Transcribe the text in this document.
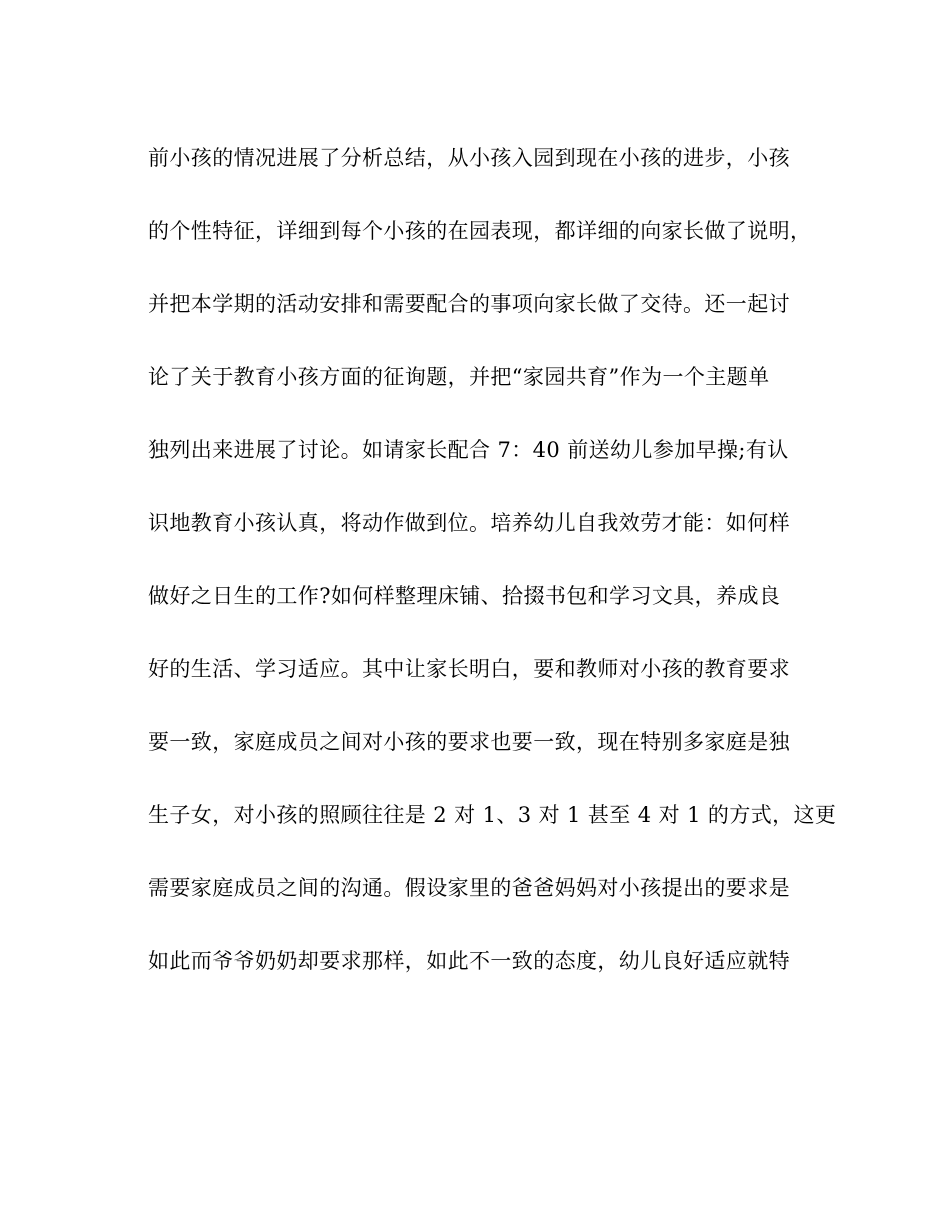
前小孩的情况进展了分析总结，从小孩入园到现在小孩的进步，小孩
的个性特征，详细到每个小孩的在园表现，都详细的向家长做了说明，
并把本学期的活动安排和需要配合的事项向家长做了交待。还一起讨
论了关于教育小孩方面的征询题，并把“家园共育”作为一个主题单
独列出来进展了讨论。如请家长配合 7：40 前送幼儿参加早操;有认
识地教育小孩认真，将动作做到位。培养幼儿自我效劳才能：如何样
做好之日生的工作?如何样整理床铺、拾掇书包和学习文具，养成良
好的生活、学习适应。其中让家长明白，要和教师对小孩的教育要求
要一致，家庭成员之间对小孩的要求也要一致，现在特别多家庭是独
生子女，对小孩的照顾往往是 2 对 1、3 对 1 甚至 4 对 1 的方式，这更
需要家庭成员之间的沟通。假设家里的爸爸妈妈对小孩提出的要求是
如此而爷爷奶奶却要求那样，如此不一致的态度，幼儿良好适应就特
